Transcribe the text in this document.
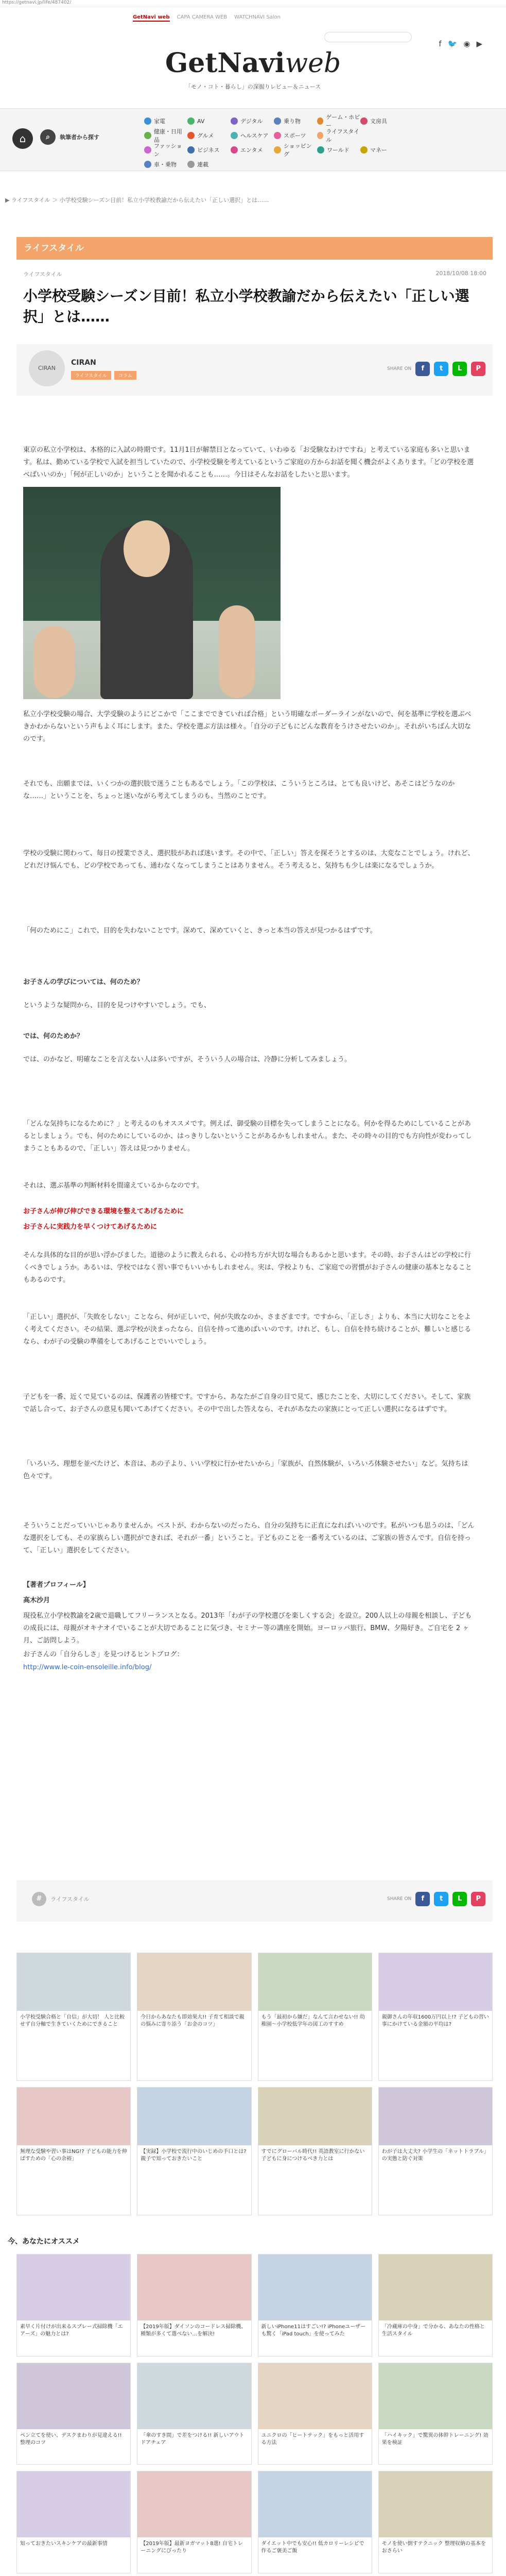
https://getnavi.jp/life/487402/
GetNavi web CAPA CAMERA WEB WATCHNAVI Salon
f 🐦 ◉ ▶
GetNaviweb
「モノ・コト・暮らし」の深掘りレビュー＆ニュース
⌂	⌕	執筆者から探す
家電	AV	デジタル	乗り物
ゲーム・ホビー
文房具
健康・日用品
グルメ	ヘルスケア	スポーツ
ライフスタイル
ファッション
ビジネス	エンタメ
ショッピング
ワールド	マネー
車・乗物	連載
▶ ライフスタイル ＞ 小学校受験シーズン目前！私立小学校教諭だから伝えたい「正しい選択」とは……
ライフスタイル
ライフスタイル	2018/10/08 18:00
小学校受験シーズン目前！私立小学校教諭だから伝えたい「正しい選択」とは……
CIRAN
CIRAN
ライフスタイル	コラム
SHARE ON	f	t	L	P

東京の私立小学校は、本格的に入試の時期です。11月1日が解禁日となっていて、いわゆる「お受験なわけですね」と考えている家庭も多いと思います。私は、勤めている学校で入試を担当していたので、小学校受験を考えているというご家庭の方からお話を聞く機会がよくあります。「どの学校を選べばいいのか」「何が正しいのか」ということを聞かれることも……。今日はそんなお話をしたいと思います。

私立小学校受験の場合、大学受験のようにどこかで「ここまでできていれば合格」という明確なボーダーラインがないので、何を基準に学校を選ぶべきかわからないという声もよく耳にします。また、学校を選ぶ方法は様々。「自分の子どもにどんな教育をうけさせたいのか」。それがいちばん大切なのです。

それでも、出願までは、いくつかの選択肢で迷うこともあるでしょう。「この学校は、こういうところは、とても良いけど、あそこはどうなのかな……」ということを、ちょっと迷いながら考えてしまうのも、当然のことです。

学校の受験に関わって、毎日の授業でさえ、選択肢があれば迷います。その中で、「正しい」答えを探そうとするのは、大変なことでしょう。けれど、どれだけ悩んでも、どの学校であっても、通わなくなってしまうことはありません。そう考えると、気持ちも少しは楽になるでしょうか。

「何のためにこ」これで、目的を失わないことです。深めて、深めていくと、きっと本当の答えが見つかるはずです。

お子さんの学びについては、何のため？

というような疑問から、目的を見つけやすいでしょう。でも、

では、何のためか？

では、のかなど、明確なことを言えない人は多いですが、そういう人の場合は、冷静に分析してみましょう。

「どんな気持ちになるために？」と考えるのもオススメです。例えば、御受験の目標を失ってしまうことになる。何かを得るためにしていることがあるとしましょう。でも、何のためにしているのか、はっきりしないということがあるかもしれません。また、その時々の目的でも方向性が変わってしまうこともあるので、「正しい」答えは見つかりません。

それは、選ぶ基準の判断材料を間違えているからなのです。

お子さんが伸び伸びできる環境を整えてあげるために

お子さんに実践力を早くつけてあげるために

そんな具体的な目的が思い浮かびました。道徳のように教えられる、心の持ち方が大切な場合もあるかと思います。その時、お子さんはどの学校に行くべきでしょうか。あるいは、学校ではなく習い事でもいいかもしれません。実は、学校よりも、ご家庭での習慣がお子さんの健康の基本となることもあるのです。

「正しい」選択が、「失敗をしない」ことなら、何が正しいで、何が失敗なのか、さまざまです。ですから、「正しさ」よりも、本当に大切なことをよく考えてください。その結果、選ぶ学校が決まったなら、自信を持って進めばいいのです。けれど、もし、自信を持ち続けることが、難しいと感じるなら、わが子の受験の準備をしてあげることでいいでしょう。

子どもを一番、近くで見ているのは、保護者の皆様です。ですから、あなたがご自身の目で見て、感じたことを、大切にしてください。そして、家族で話し合って、お子さんの意見も聞いてあげてください。その中で出した答えなら、それがあなたの家族にとって正しい選択になるはずです。

「いろいろ、理想を並べたけど、本音は、あの子より、いい学校に行かせたいから」「家族が、自然体験が、いろいろ体験させたい」など。気持ちは色々です。

そういうことだっていいじゃありませんか。ベストが、わからないのだったら、自分の気持ちに正直になればいいのです。私がいつも思うのは、「どんな選択をしても、その家族らしい選択ができれば、それが一番」ということ。子どものことを一番考えているのは、ご家族の皆さんです。自信を持って、「正しい」選択をしてください。

【著者プロフィール】

高木沙月

現役私立小学校教諭を2歳で退職してフリーランスとなる。2013年「わが子の学校選びを楽しくする会」を設立。200人以上の母親を相談し、子どもの成長には、母親がオキナオイでいることが大切であることに気づき、セミナー等の講座を開始。ヨーロッパ旅行、BMW、夕陽好き。ご自宅を 2 ヶ月、ご訪問しよう。

お子さんの「自分らしさ」を見つけるヒントブログ：

http://www.le-coin-ensoleille.info/blog/

#	ライフスタイル	SHARE ON	f	t	L	P
小学校受験合格と「自信」が大切！ 人と比較せず自分軸で生きていくためにできること
今日からあなたも即効果大!! 子育て相談で親の悩みに寄り添う「お金のコツ」
もう「最初から嫌だ」なんて言わせない!! 幼稚園〜小学校低学年の図工のすすめ
親御さんの年収1600万円以上!? 子どもの習い事にかけている金額の平均は?
無理な受験や習い事はNG!? 子どもの能力を伸ばすための「心の余裕」
【実録】小学校で流行中のいじめの手口とは? 親子で知っておきたいこと
すでにグローバル時代!! 英語教室に行かない子どもに身につけるべき力とは
わが子は大丈夫? 小学生の「ネットトラブル」の実態と防ぐ対策
今、あなたにオススメ
素早く片付けが出来るスプレー式掃除機「エアーズ」の魅力とは?
【2019年版】ダイソンのコードレス掃除機、種類が多くて選べない…を解決!
新しいiPhone11はすごい!? iPhoneユーザーも驚く「iPad touch」を使ってみた
「冷蔵庫の中身」で分かる、あなたの性格と生活スタイル
ペン立てを使い、デスクまわりが見違える!! 整理のコツ
「傘のすき間」で差をつける!! 新しいアウトドアチェア
ユニクロの「ヒートテック」をもっと活用する方法
「ハイキック」で驚異の体幹トレーニング! 効果を検証
知っておきたいスキンケアの最新事情	【2019年版】最新ヨガマット8選! 自宅トレーニングにぴったり
ダイエット中でも安心!! 低カロリーレシピで作るご褒美ご飯
モノを使い倒すテクニック 整理収納の基本をおさらい
